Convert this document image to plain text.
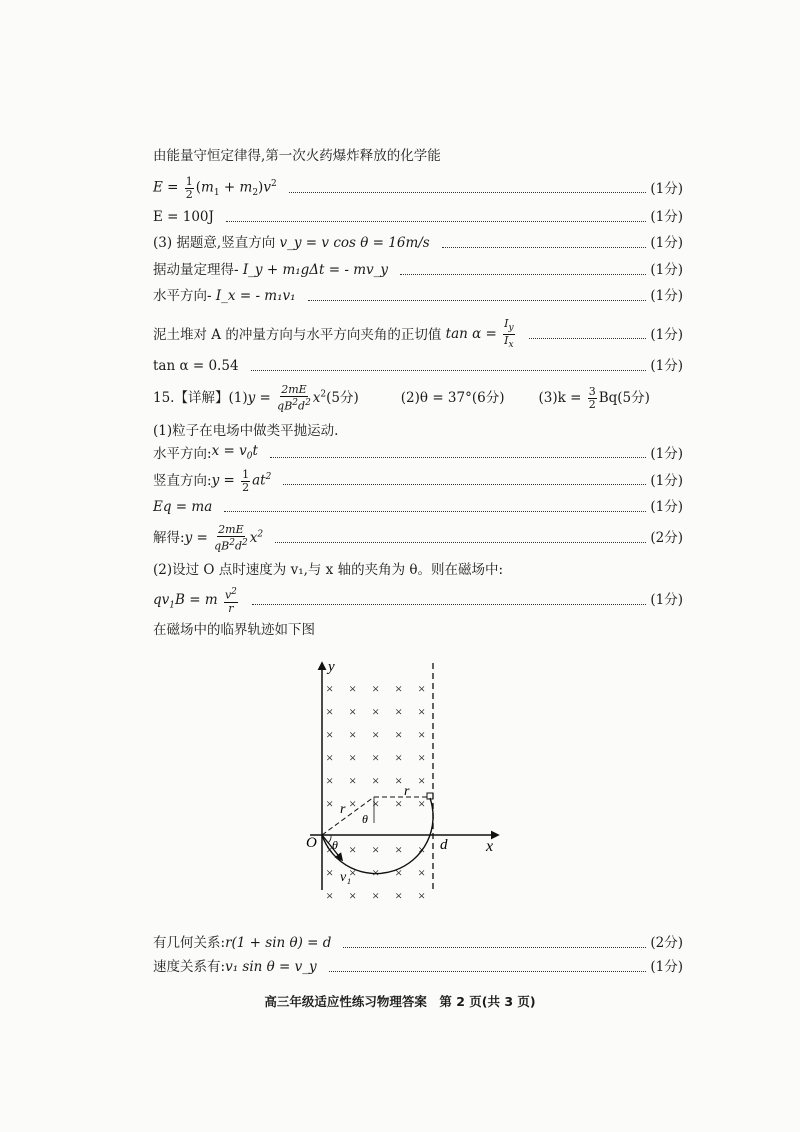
由能量守恒定律得,第一次火药爆炸释放的化学能
$E = \frac{1}{2} (m_1 + m_2)v^2$	(1分)
E = 100J	(1分)
(3) 据题意,竖直方向
v_y = v cos θ = 16m/s	(1分)
据动量定理得 - I_y + m₁gΔt = - mv_y	(1分)
水平方向 - I_x = - m₁v₁	(1分)
泥土堆对 A 的冲量方向与水平方向夹角的正切值
$\tan \alpha = \frac{I_y}{I_x}$	(1分)
tan α = 0.54	(1分)
15.【详解】$(1)y = \frac{2mE}{qB^2d^2} x^2(5$分)	(2)θ = 37°(6分)	$(3)k = \frac{3}{2} Bq(5$分)
(1)粒子在电场中做类平抛运动.
水平方向: $x = v_0t$	(1分)
竖直方向: $y = \frac{1}{2} at^2$	(1分)
Eq = ma	(1分)
解得: $y = \frac{2mE}{qB^2d^2} x^2$	(2分)
(2)设过 O 点时速度为 v₁,与 x 轴的夹角为 θ。则在磁场中:
$qv_1B = m \frac{v^2}{r}$	(1分)
在磁场中的临界轨迹如下图
× × × × ×
× × × × ×
× × × × ×
× × × × ×
× × × × ×
× × × × ×
× × × × ×
× × × × ×
× × × × ×
y
x
O	d
r
r
θ
θ
v₁
有几何关系: r(1 + sin θ) = d	(2分)
速度关系有: v₁ sin θ = v_y	(1分)
高三年级适应性练习物理答案　第 2 页(共 3 页)
